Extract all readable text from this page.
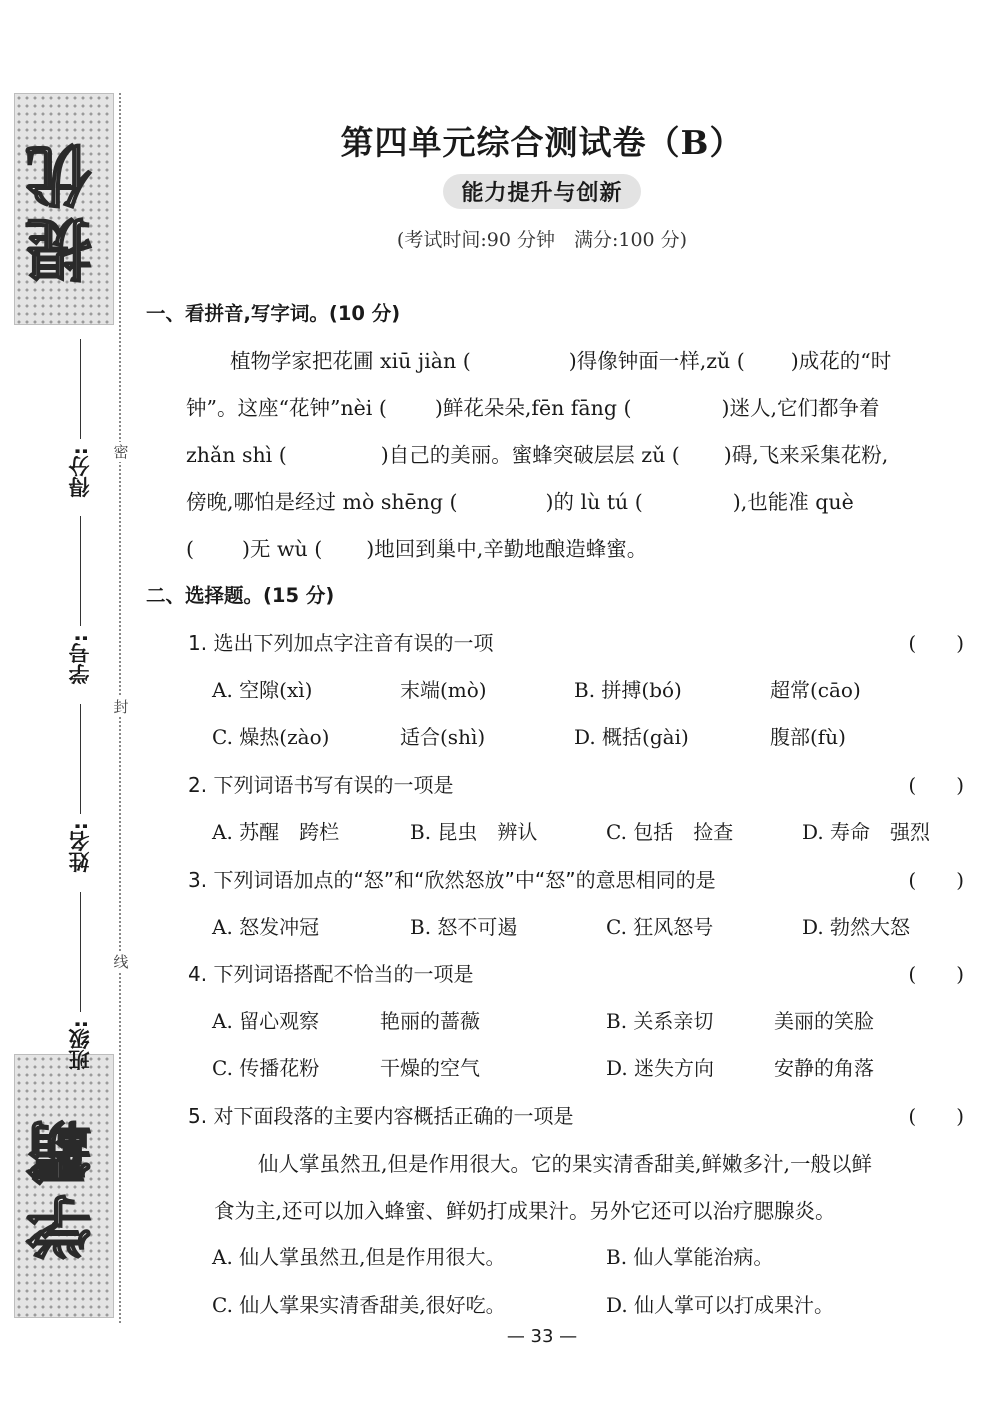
提优
学霸
密
封
线
得分:
学号:
姓名:
班级:
第四单元综合测试卷（B）
能力提升与创新
(考试时间:90 分钟　满分:100 分)
一、看拼音,写字词。(10 分)
植物学家把花圃 xiū jiàn (	)得像钟面一样,zǔ ( )成花的“时
钟”。这座“花钟”nèi ( )鲜花朵朵,fēn fāng (	)迷人,它们都争着
zhǎn shì (	)自己的美丽。蜜蜂突破层层 zǔ ( )碍,飞来采集花粉,
傍晚,哪怕是经过 mò shēng (	)的 lù tú (	),也能准 què
( )无 wù ( )地回到巢中,辛勤地酿造蜂蜜。
二、选择题。(15 分)
1. 选出下列加点字注音有误的一项	(　　)
A. 空隙(xì)	末端(mò)	B. 拼搏(bó)	超常(cāo)
C. 燥热(zào)	适合(shì)	D. 概括(gài)	腹部(fù)
2. 下列词语书写有误的一项是	(　　)
A. 苏醒　跨栏	B. 昆虫　辨认	C. 包括　捡查	D. 寿命　强烈
3. 下列词语加点的“怒”和“欣然怒放”中“怒”的意思相同的是	(　　)
A. 怒发冲冠	B. 怒不可遏	C. 狂风怒号	D. 勃然大怒
4. 下列词语搭配不恰当的一项是	(　　)
A. 留心观察	艳丽的蔷薇	B. 关系亲切	美丽的笑脸
C. 传播花粉	干燥的空气	D. 迷失方向	安静的角落
5. 对下面段落的主要内容概括正确的一项是	(　　)
仙人掌虽然丑,但是作用很大。它的果实清香甜美,鲜嫩多汁,一般以鲜
食为主,还可以加入蜂蜜、鲜奶打成果汁。另外它还可以治疗腮腺炎。
A. 仙人掌虽然丑,但是作用很大。	B. 仙人掌能治病。
C. 仙人掌果实清香甜美,很好吃。	D. 仙人掌可以打成果汁。
— 33 —
